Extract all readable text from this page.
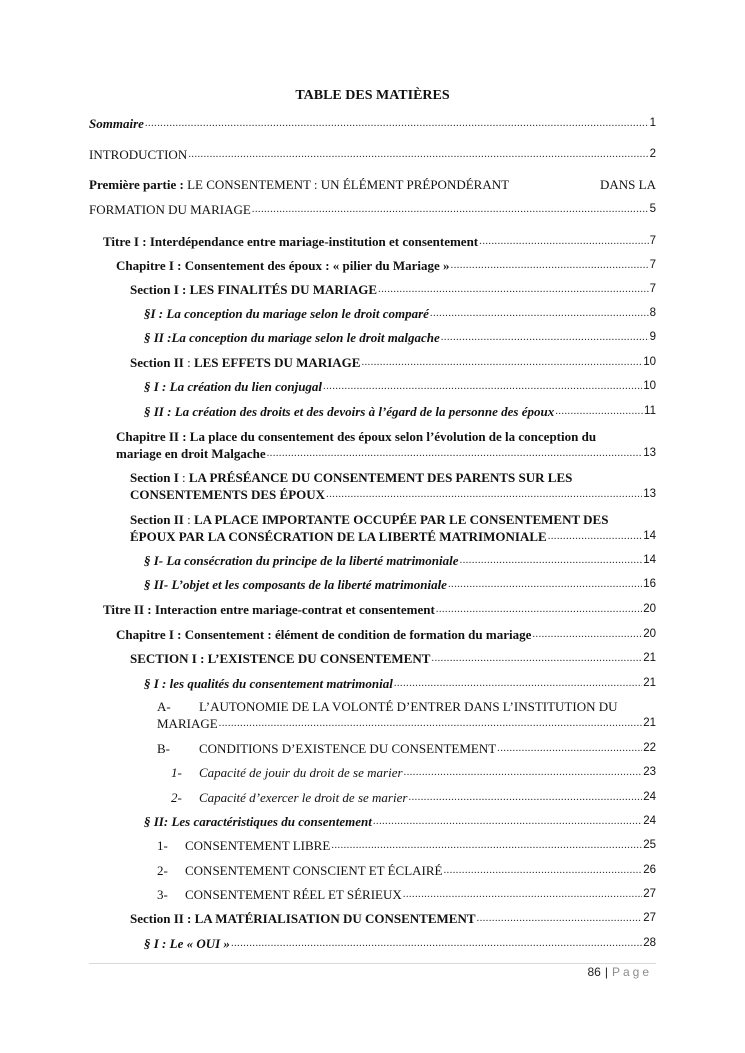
TABLE DES MATIÈRES
Sommaire .....	1
INTRODUCTION .....	2
Première partie : LE CONSENTEMENT : UN ÉLÉMENT PRÉPONDÉRANT	DANS LA
FORMATION DU MARIAGE .....	5
Titre I : Interdépendance entre mariage-institution et consentement .....	7
Chapitre I : Consentement des époux : « pilier du Mariage » .....	7
Section I : LES FINALITÉS DU MARIAGE .....	7
§I : La conception du mariage selon le droit comparé .....	8
§ II :La conception du mariage selon le droit malgache .....	9
Section II : LES EFFETS DU MARIAGE .....	10
§ I : La création du lien conjugal .....	10
§ II : La création des droits et des devoirs à l’égard de la personne des époux .....	11
Chapitre II : La place du consentement des époux selon l’évolution de la conception du
mariage en droit Malgache .....	13
Section I : LA PRÉSÉANCE DU CONSENTEMENT DES PARENTS SUR LES
CONSENTEMENTS DES ÉPOUX .....	13
Section II : LA PLACE IMPORTANTE OCCUPÉE PAR LE CONSENTEMENT DES
ÉPOUX PAR LA CONSÉCRATION DE LA LIBERTÉ MATRIMONIALE .....	14
§ I- La consécration du principe de la liberté matrimoniale .....	14
§ II- L’objet et les composants de la liberté matrimoniale .....	16
Titre II : Interaction entre mariage-contrat et consentement .....	20
Chapitre I : Consentement : élément de condition de formation du mariage .....	20
SECTION I : L’EXISTENCE DU CONSENTEMENT .....	21
§ I : les qualités du consentement matrimonial .....	21
A- L’AUTONOMIE DE LA VOLONTÉ D’ENTRER DANS L’INSTITUTION DU
MARIAGE .....	21
B- CONDITIONS D’EXISTENCE DU CONSENTEMENT .....	22
1- Capacité de jouir du droit de se marier .....	23
2- Capacité d’exercer le droit de se marier .....	24
§ II: Les caractéristiques du consentement .....	24
1- CONSENTEMENT LIBRE .....	25
2- CONSENTEMENT CONSCIENT ET ÉCLAIRÉ .....	26
3- CONSENTEMENT RÉEL ET SÉRIEUX .....	27
Section II : LA MATÉRIALISATION DU CONSENTEMENT .....	27
§ I : Le « OUI » .....	28
86 | Page
